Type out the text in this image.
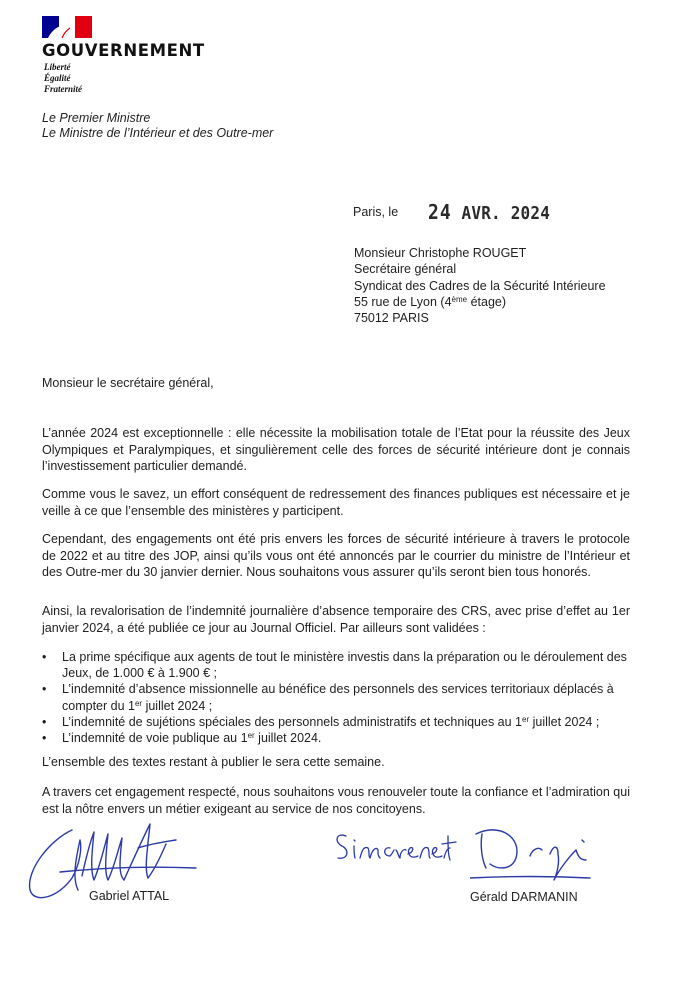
GOUVERNEMENT
Liberté
Égalité
Fraternité
Le Premier Ministre
Le Ministre de l’Intérieur et des Outre-mer
Paris, le 24 AVR. 2024
Monsieur Christophe ROUGET
Secrétaire général
Syndicat des Cadres de la Sécurité Intérieure
55 rue de Lyon (4ème étage)
75012 PARIS
Monsieur le secrétaire général,
L’année 2024 est exceptionnelle : elle nécessite la mobilisation totale de l’Etat pour la réussite des Jeux Olympiques et Paralympiques, et singulièrement celle des forces de sécurité intérieure dont je connais l’investissement particulier demandé.
Comme vous le savez, un effort conséquent de redressement des finances publiques est nécessaire et je veille à ce que l’ensemble des ministères y participent.
Cependant, des engagements ont été pris envers les forces de sécurité intérieure à travers le protocole de 2022 et au titre des JOP, ainsi qu’ils vous ont été annoncés par le courrier du ministre de l’Intérieur et des Outre-mer du 30 janvier dernier. Nous souhaitons vous assurer qu’ils seront bien tous honorés.
Ainsi, la revalorisation de l’indemnité journalière d’absence temporaire des CRS, avec prise d’effet au 1er janvier 2024, a été publiée ce jour au Journal Officiel. Par ailleurs sont validées :
• La prime spécifique aux agents de tout le ministère investis dans la préparation ou le déroulement des Jeux, de 1.000 € à 1.900 € ;
• L’indemnité d’absence missionnelle au bénéfice des personnels des services territoriaux déplacés à compter du 1er juillet 2024 ;
• L’indemnité de sujétions spéciales des personnels administratifs et techniques au 1er juillet 2024 ;
• L’indemnité de voie publique au 1er juillet 2024.
L’ensemble des textes restant à publier le sera cette semaine.
A travers cet engagement respecté, nous souhaitons vous renouveler toute la confiance et l’admiration qui est la nôtre envers un métier exigeant au service de nos concitoyens.
Gabriel ATTAL	Gérald DARMANIN
